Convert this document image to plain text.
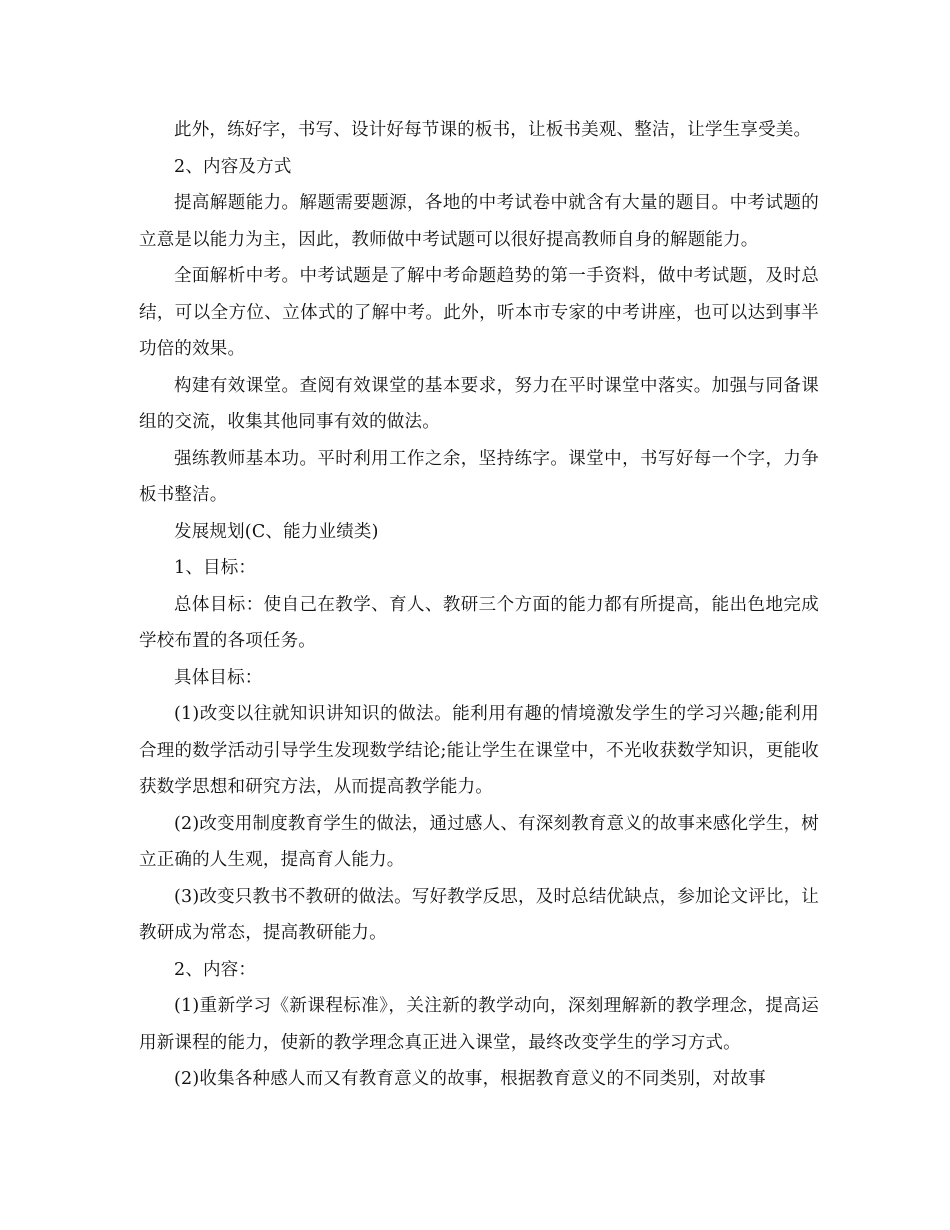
此外，练好字，书写、设计好每节课的板书，让板书美观、整洁，让学生享受美。

2、内容及方式

提高解题能力。解题需要题源，各地的中考试卷中就含有大量的题目。中考试题的立意是以能力为主，因此，教师做中考试题可以很好提高教师自身的解题能力。

全面解析中考。中考试题是了解中考命题趋势的第一手资料，做中考试题，及时总结，可以全方位、立体式的了解中考。此外，听本市专家的中考讲座，也可以达到事半功倍的效果。

构建有效课堂。查阅有效课堂的基本要求，努力在平时课堂中落实。加强与同备课组的交流，收集其他同事有效的做法。

强练教师基本功。平时利用工作之余，坚持练字。课堂中，书写好每一个字，力争板书整洁。

发展规划(C、能力业绩类)

1、目标：

总体目标：使自己在教学、育人、教研三个方面的能力都有所提高，能出色地完成学校布置的各项任务。

具体目标：

(1)改变以往就知识讲知识的做法。能利用有趣的情境激发学生的学习兴趣;能利用合理的数学活动引导学生发现数学结论;能让学生在课堂中，不光收获数学知识，更能收获数学思想和研究方法，从而提高教学能力。

(2)改变用制度教育学生的做法，通过感人、有深刻教育意义的故事来感化学生，树立正确的人生观，提高育人能力。

(3)改变只教书不教研的做法。写好教学反思，及时总结优缺点，参加论文评比，让教研成为常态，提高教研能力。

2、内容：

(1)重新学习《新课程标准》，关注新的教学动向，深刻理解新的教学理念，提高运用新课程的能力，使新的教学理念真正进入课堂，最终改变学生的学习方式。

(2)收集各种感人而又有教育意义的故事，根据教育意义的不同类别，对故事
